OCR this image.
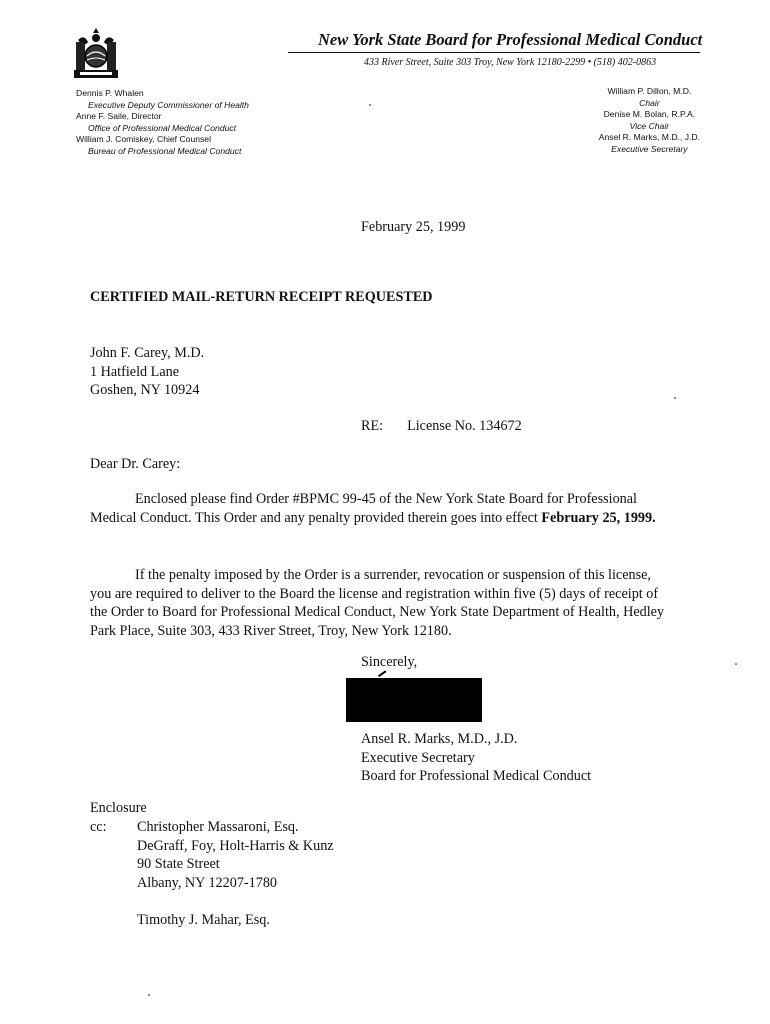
New York State Board for Professional Medical Conduct
433 River Street, Suite 303 Troy, New York 12180-2299 • (518) 402-0863
Dennis P. Whalen
Executive Deputy Commissioner of Health
Anne F. Saile, Director
Office of Professional Medical Conduct
William J. Comiskey, Chief Counsel
Bureau of Professional Medical Conduct
William P. Dillon, M.D.
Chair
Denise M. Bolan, R.P.A.
Vice Chair
Ansel R. Marks, M.D., J.D.
Executive Secretary
February 25, 1999
CERTIFIED MAIL-RETURN RECEIPT REQUESTED
John F. Carey, M.D.
1 Hatfield Lane
Goshen, NY 10924
RE: License No. 134672
Dear Dr. Carey:
Enclosed please find Order #BPMC 99-45 of the New York State Board for Professional Medical Conduct. This Order and any penalty provided therein goes into effect February 25, 1999.
If the penalty imposed by the Order is a surrender, revocation or suspension of this license, you are required to deliver to the Board the license and registration within five (5) days of receipt of the Order to Board for Professional Medical Conduct, New York State Department of Health, Hedley Park Place, Suite 303, 433 River Street, Troy, New York 12180.
Sincerely,
Ansel R. Marks, M.D., J.D.
Executive Secretary
Board for Professional Medical Conduct
Enclosure
cc: Christopher Massaroni, Esq.
DeGraff, Foy, Holt-Harris & Kunz
90 State Street
Albany, NY 12207-1780
Timothy J. Mahar, Esq.
